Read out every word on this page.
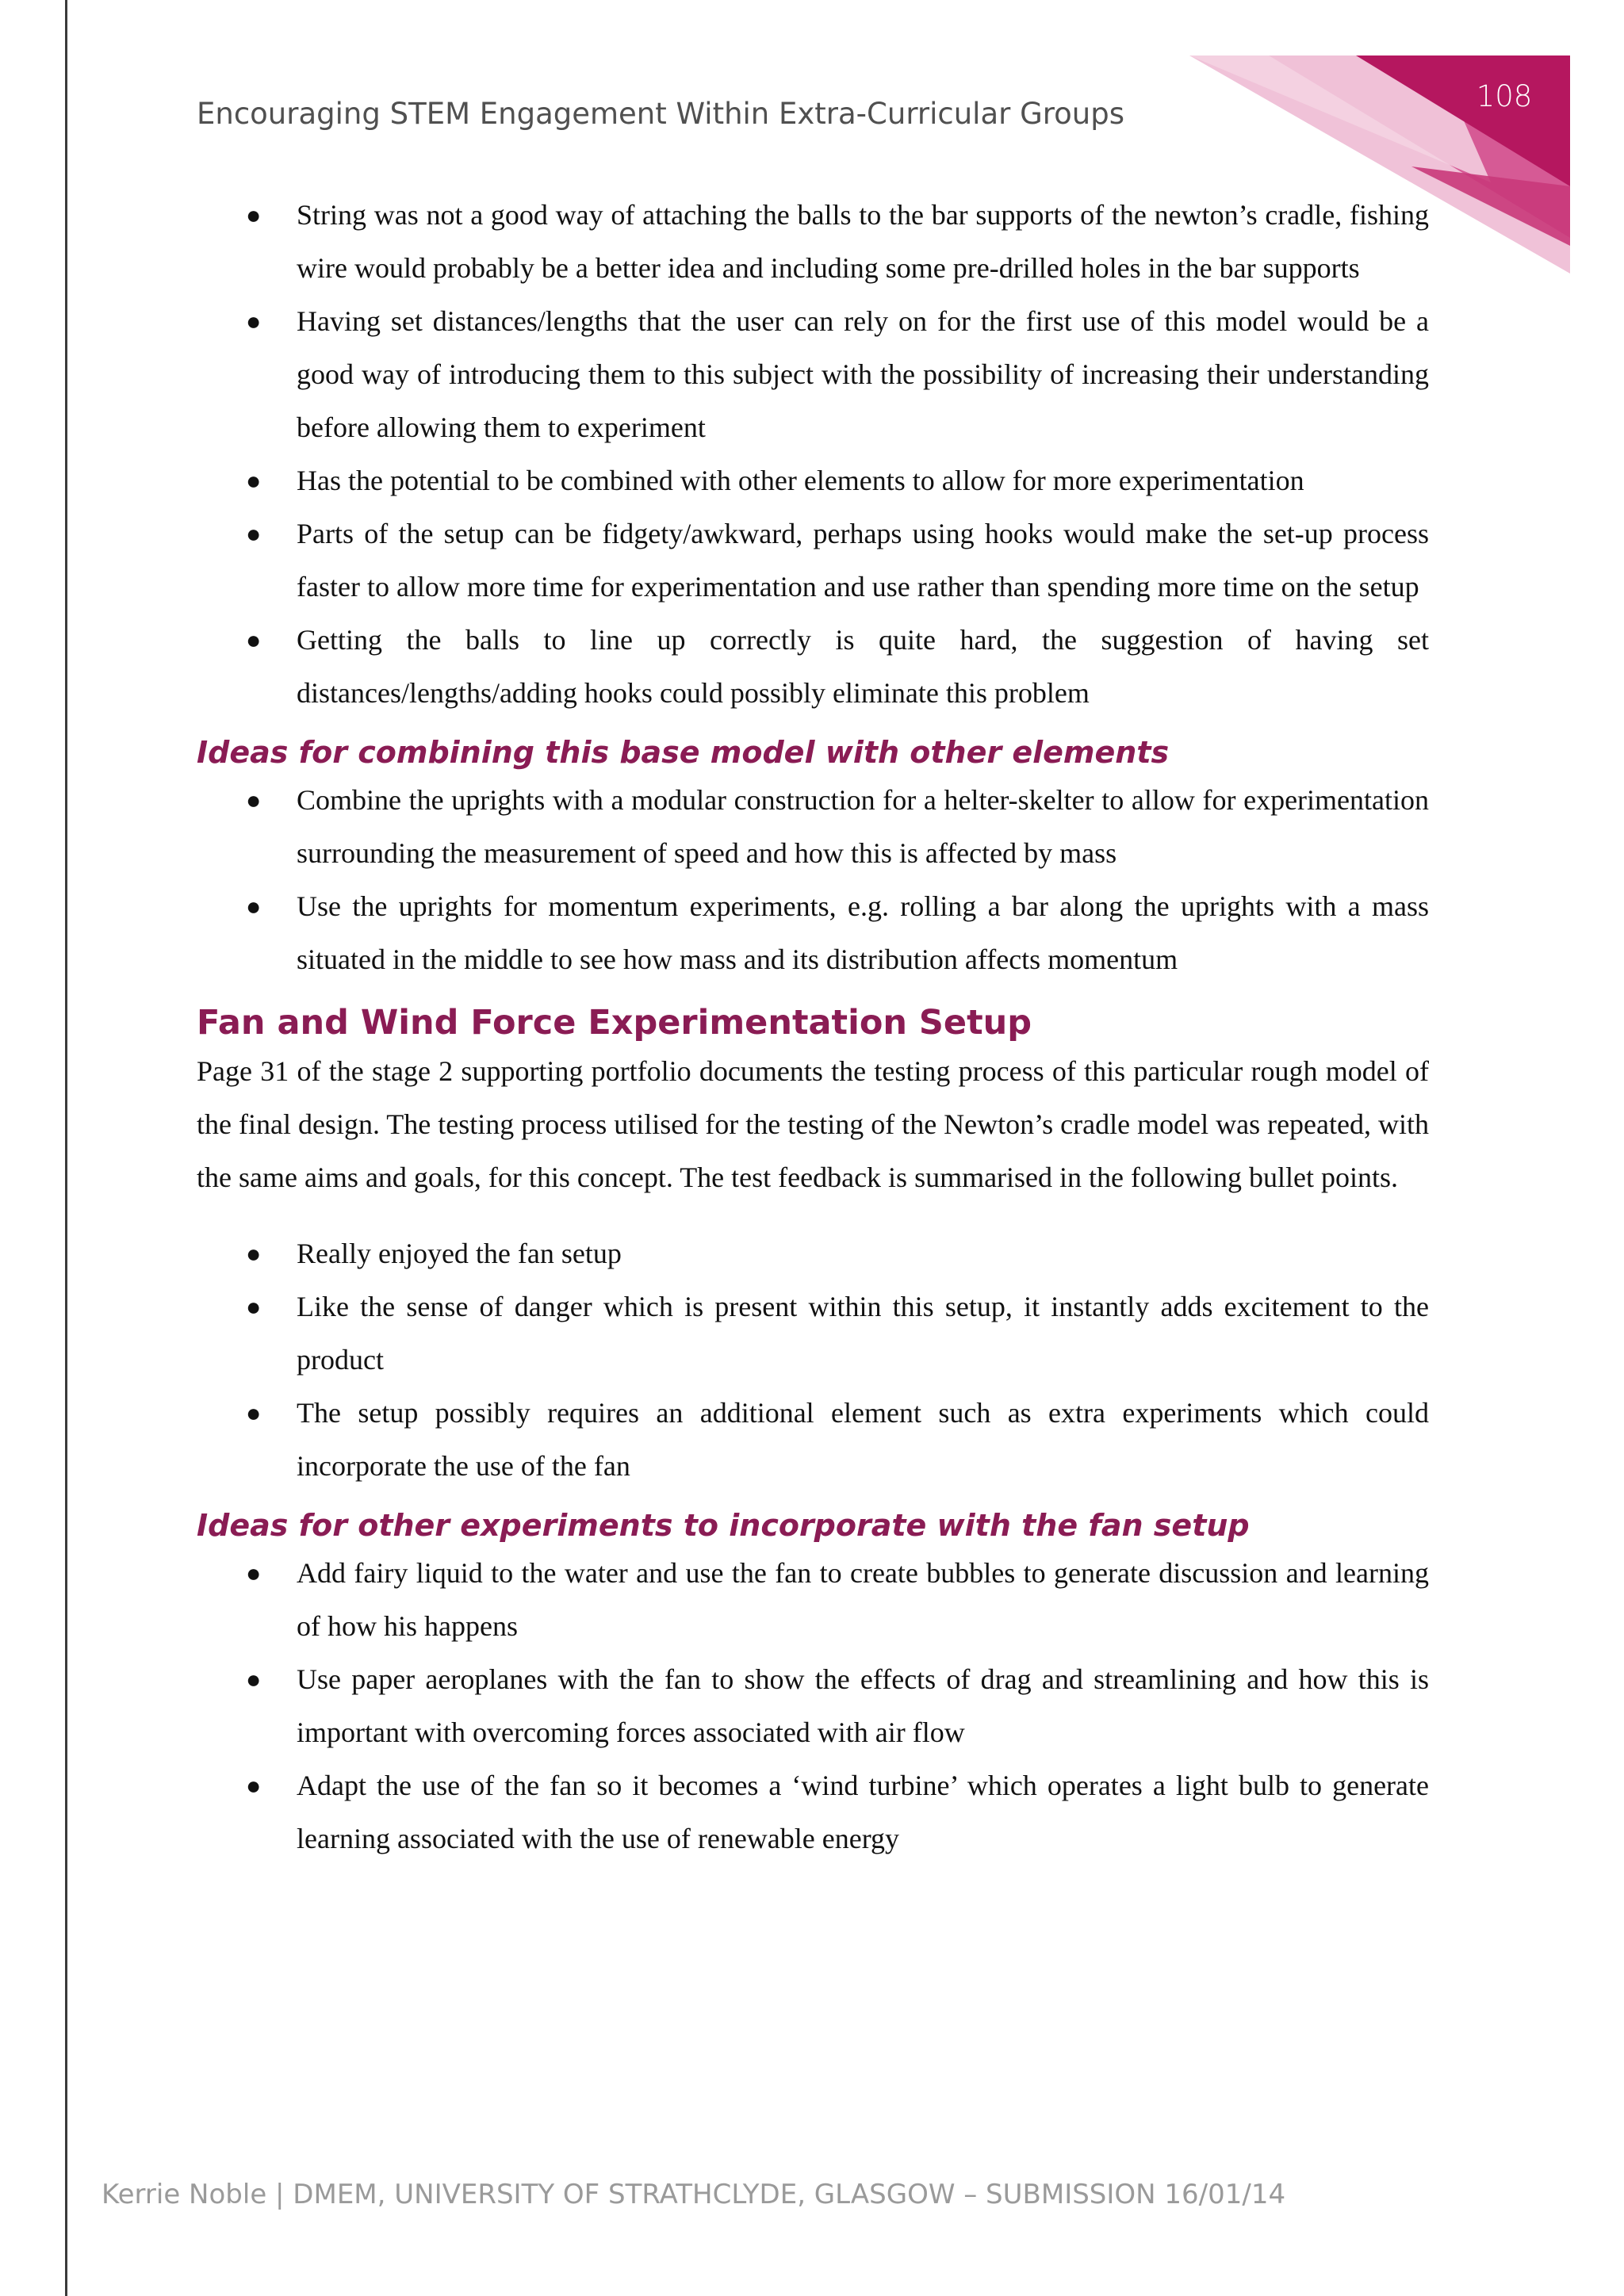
108
Encouraging STEM Engagement Within Extra-Curricular Groups
● String was not a good way of attaching the balls to the bar supports of the newton’s cradle, fishing wire would probably be a better idea and including some pre-drilled holes in the bar supports
● Having set distances/lengths that the user can rely on for the first use of this model would be a good way of introducing them to this subject with the possibility of increasing their understanding before allowing them to experiment
● Has the potential to be combined with other elements to allow for more experimentation
● Parts of the setup can be fidgety/awkward, perhaps using hooks would make the set-up process faster to allow more time for experimentation and use rather than spending more time on the setup
● Getting the balls to line up correctly is quite hard, the suggestion of having set distances/lengths/adding hooks could possibly eliminate this problem
Ideas for combining this base model with other elements
● Combine the uprights with a modular construction for a helter-skelter to allow for experimentation surrounding the measurement of speed and how this is affected by mass
● Use the uprights for momentum experiments, e.g. rolling a bar along the uprights with a mass situated in the middle to see how mass and its distribution affects momentum
Fan and Wind Force Experimentation Setup

Page 31 of the stage 2 supporting portfolio documents the testing process of this particular rough model of the final design. The testing process utilised for the testing of the Newton’s cradle model was repeated, with the same aims and goals, for this concept. The test feedback is summarised in the following bullet points.

● Really enjoyed the fan setup
● Like the sense of danger which is present within this setup, it instantly adds excitement to the product
● The setup possibly requires an additional element such as extra experiments which could incorporate the use of the fan
Ideas for other experiments to incorporate with the fan setup
● Add fairy liquid to the water and use the fan to create bubbles to generate discussion and learning of how his happens
● Use paper aeroplanes with the fan to show the effects of drag and streamlining and how this is important with overcoming forces associated with air flow
● Adapt the use of the fan so it becomes a ‘wind turbine’ which operates a light bulb to generate learning associated with the use of renewable energy
Kerrie Noble | DMEM, UNIVERSITY OF STRATHCLYDE, GLASGOW – SUBMISSION 16/01/14
